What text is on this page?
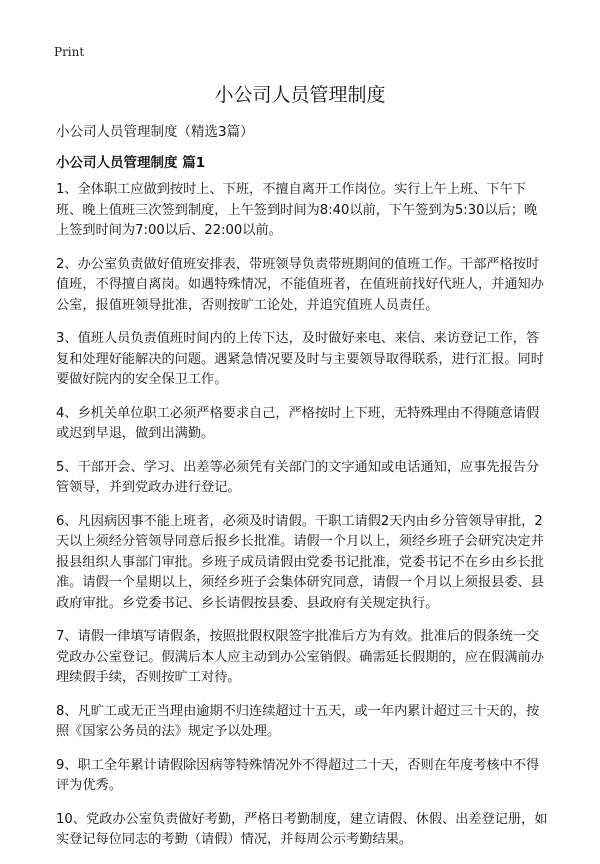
Print
小公司人员管理制度
小公司人员管理制度（精选3篇）
小公司人员管理制度 篇1

1、全体职工应做到按时上、下班，不擅自离开工作岗位。实行上午上班、下午下班、晚上值班三次签到制度，上午签到时间为8:40以前，下午签到为5:30以后；晚上签到时间为7:00以后、22:00以前。

2、办公室负责做好值班安排表，带班领导负责带班期间的值班工作。干部严格按时值班，不得擅自离岗。如遇特殊情况，不能值班者，在值班前找好代班人，并通知办公室，报值班领导批准，否则按旷工论处，并追究值班人员责任。

3、值班人员负责值班时间内的上传下达，及时做好来电、来信、来访登记工作，答复和处理好能解决的问题。遇紧急情况要及时与主要领导取得联系，进行汇报。同时要做好院内的安全保卫工作。

4、乡机关单位职工必须严格要求自己，严格按时上下班，无特殊理由不得随意请假或迟到早退，做到出满勤。

5、干部开会、学习、出差等必须凭有关部门的文字通知或电话通知，应事先报告分管领导，并到党政办进行登记。

6、凡因病因事不能上班者，必须及时请假。干职工请假2天内由乡分管领导审批，2天以上须经分管领导同意后报乡长批准。请假一个月以上，须经乡班子会研究决定并报县组织人事部门审批。乡班子成员请假由党委书记批准，党委书记不在乡由乡长批准。请假一个星期以上，须经乡班子会集体研究同意，请假一个月以上须报县委、县政府审批。乡党委书记、乡长请假按县委、县政府有关规定执行。

7、请假一律填写请假条，按照批假权限签字批准后方为有效。批准后的假条统一交党政办公室登记。假满后本人应主动到办公室销假。确需延长假期的，应在假满前办理续假手续，否则按旷工对待。

8、凡旷工或无正当理由逾期不归连续超过十五天，或一年内累计超过三十天的，按照《国家公务员的法》规定予以处理。

9、职工全年累计请假除因病等特殊情况外不得超过二十天，否则在年度考核中不得评为优秀。

10、党政办公室负责做好考勤，严格日考勤制度，建立请假、休假、出差登记册，如实登记每位同志的考勤（请假）情况，并每周公示考勤结果。
